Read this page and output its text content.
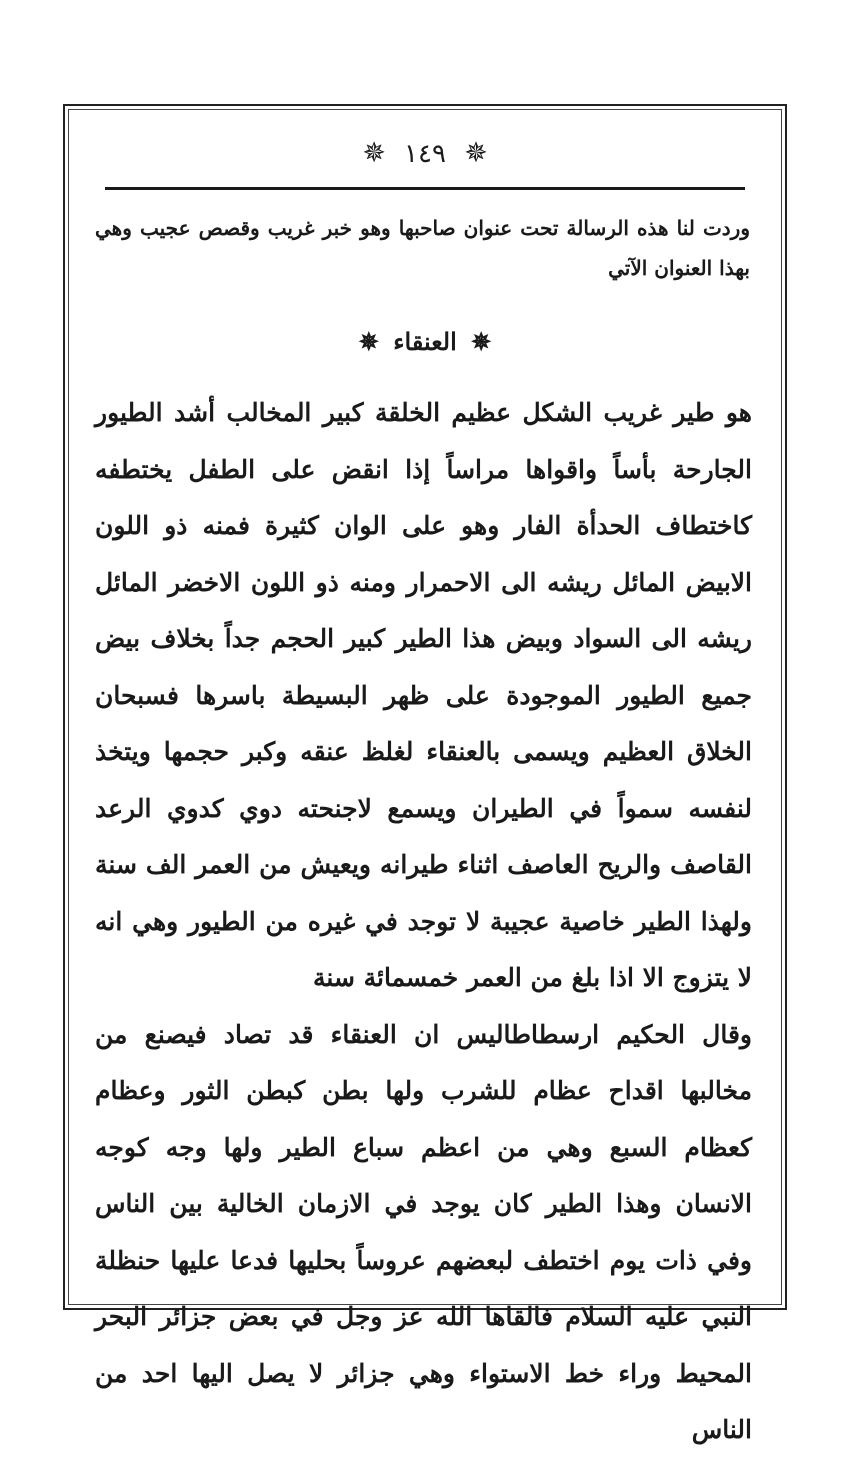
✵ ١٤٩ ✵
وردت لنا هذه الرسالة تحت عنوان صاحبها وهو خبر غريب وقصص عجيب وهي بهذا العنوان الآتي
✵ العنقاء ✵

هو طير غريب الشكل عظيم الخلقة كبير المخالب أشد الطيور الجارحة بأساً واقواها مراساً إذا انقض على الطفل يختطفه كاختطاف الحدأة الفار وهو على الوان كثيرة فمنه ذو اللون الابيض المائل ريشه الى الاحمرار ومنه ذو اللون الاخضر المائل ريشه الى السواد وبيض هذا الطير كبير الحجم جداً بخلاف بيض جميع الطيور الموجودة على ظهر البسيطة باسرها فسبحان الخلاق العظيم ويسمى بالعنقاء لغلظ عنقه وكبر حجمها ويتخذ لنفسه سمواً في الطيران ويسمع لاجنحته دوي كدوي الرعد القاصف والريح العاصف اثناء طيرانه ويعيش من العمر الف سنة ولهذا الطير خاصية عجيبة لا توجد في غيره من الطيور وهي انه لا يتزوج الا اذا بلغ من العمر خمسمائة سنة

وقال الحكيم ارسطاطاليس ان العنقاء قد تصاد فيصنع من مخالبها اقداح عظام للشرب ولها بطن كبطن الثور وعظام كعظام السبع وهي من اعظم سباع الطير ولها وجه كوجه الانسان وهذا الطير كان يوجد في الازمان الخالية بين الناس وفي ذات يوم اختطف لبعضهم عروساً بحليها فدعا عليها حنظلة النبي عليه السلام فالقاها الله عز وجل في بعض جزائر البحر المحيط وراء خط الاستواء وهي جزائر لا يصل اليها احد من الناس
